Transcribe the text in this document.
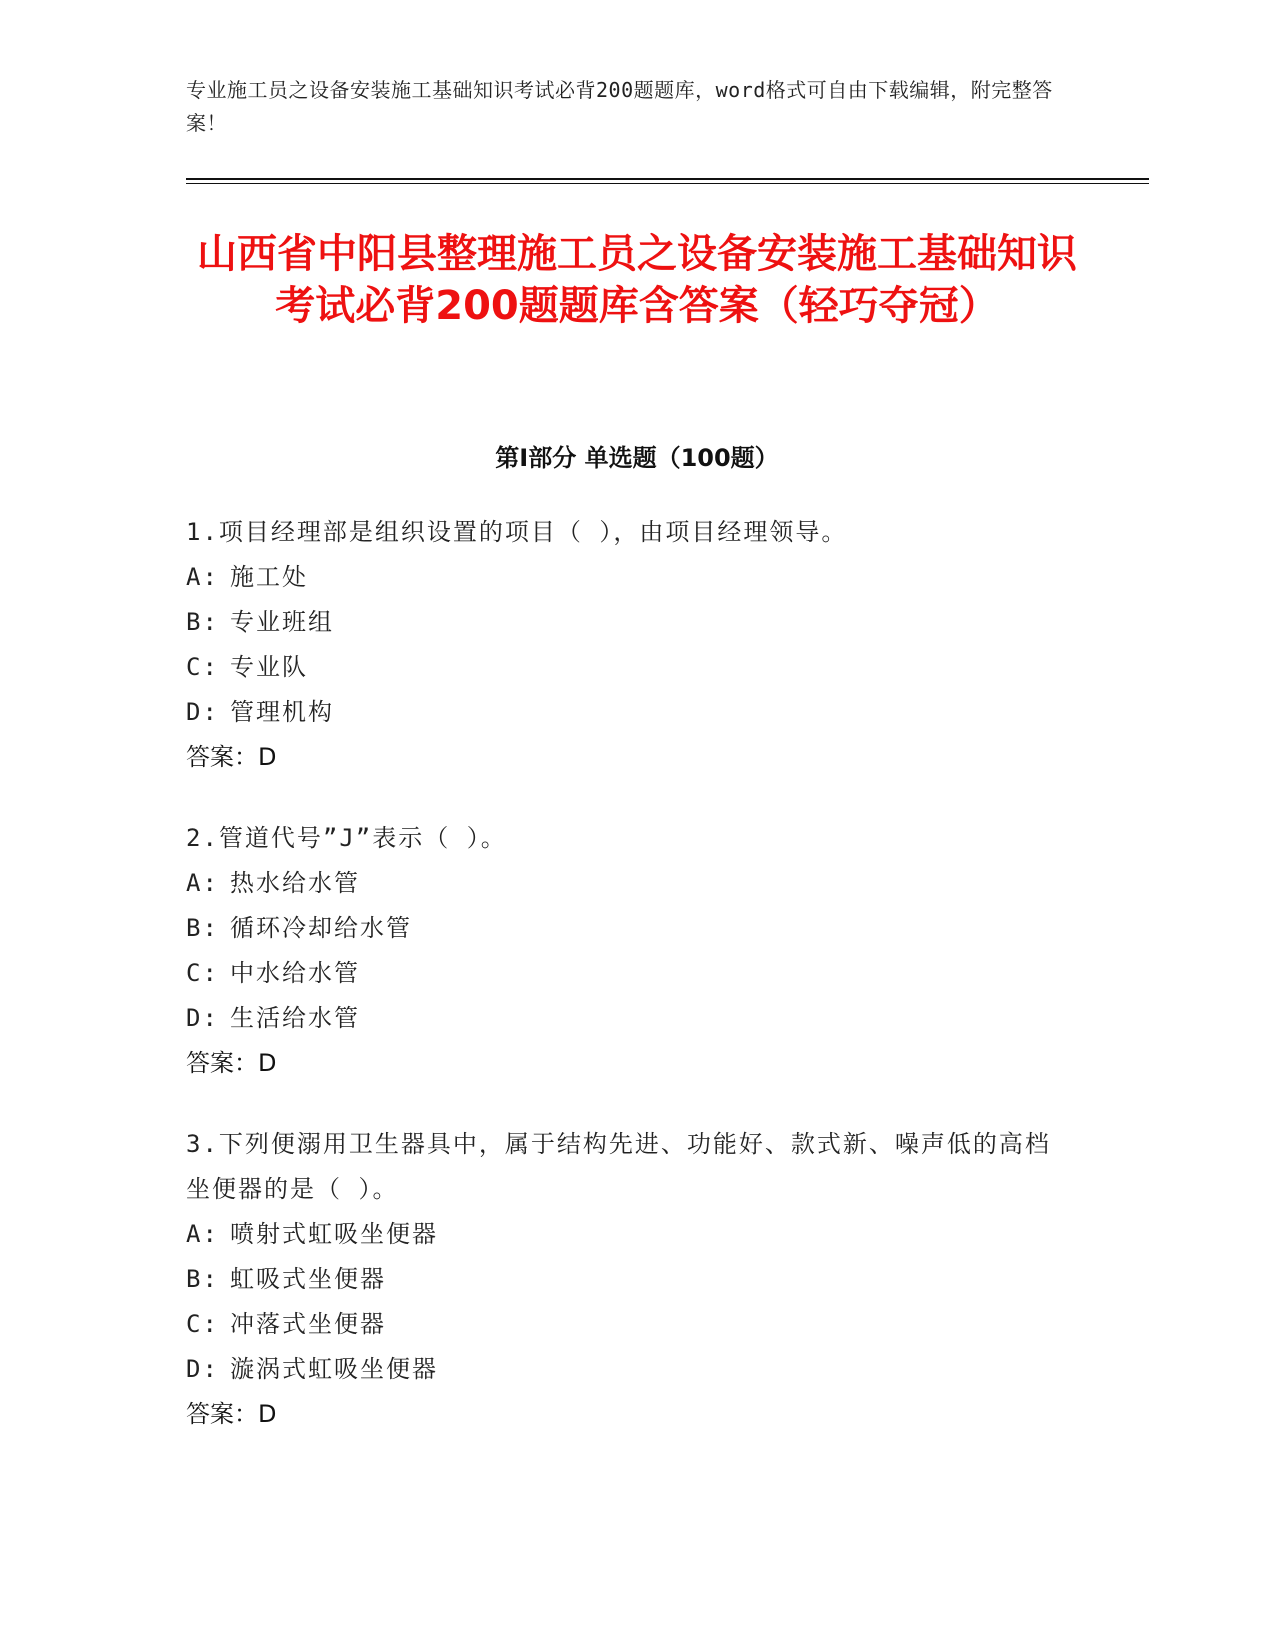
专业施工员之设备安装施工基础知识考试必背200题题库，word格式可自由下载编辑，附完整答案！
山西省中阳县整理施工员之设备安装施工基础知识考试必背200题题库含答案（轻巧夺冠）
第I部分 单选题（100题）
1.项目经理部是组织设置的项目（ ），由项目经理领导。
A: 施工处
B: 专业班组
C: 专业队
D: 管理机构
答案：D
2.管道代号”J”表示（ ）。
A: 热水给水管
B: 循环冷却给水管
C: 中水给水管
D: 生活给水管
答案：D
3.下列便溺用卫生器具中，属于结构先进、功能好、款式新、噪声低的高档坐便器的是（ ）。
A: 喷射式虹吸坐便器
B: 虹吸式坐便器
C: 冲落式坐便器
D: 漩涡式虹吸坐便器
答案：D
